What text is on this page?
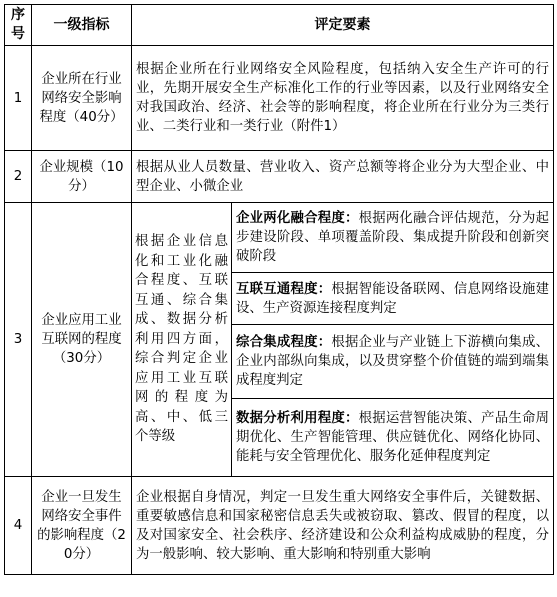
序号	一级指标	评定要素	
1	企业所在行业网络安全影响程度（40分）	根据企业所在行业网络安全风险程度，包括纳入安全生产许可的行业，先期开展安全生产标准化工作的行业等因素，以及行业网络安全对我国政治、经济、社会等的影响程度，将企业所在行业分为三类行业、二类行业和一类行业（附件1）	
2	企业规模（10分）	根据从业人员数量、营业收入、资产总额等将企业分为大型企业、中型企业、小微企业	
3	企业应用工业互联网的程度（30分）	根据企业信息化和工业化融合程度、互联互通、综合集成、数据分析利用四方面，综合判定企业应用工业互联网的程度为高、中、低三个等级	企业两化融合程度：根据两化融合评估规范，分为起步建设阶段、单项覆盖阶段、集成提升阶段和创新突破阶段
			互联互通程度：根据智能设备联网、信息网络设施建设、生产资源连接程度判定
			综合集成程度：根据企业与产业链上下游横向集成、企业内部纵向集成，以及贯穿整个价值链的端到端集成程度判定
			数据分析利用程度：根据运营智能决策、产品生命周期优化、生产智能管理、供应链优化、网络化协同、能耗与安全管理优化、服务化延伸程度判定
4	企业一旦发生网络安全事件的影响程度（20分）	企业根据自身情况，判定一旦发生重大网络安全事件后，关键数据、重要敏感信息和国家秘密信息丢失或被窃取、篡改、假冒的程度，以及对国家安全、社会秩序、经济建设和公众利益构成威胁的程度，分为一般影响、较大影响、重大影响和特别重大影响	
